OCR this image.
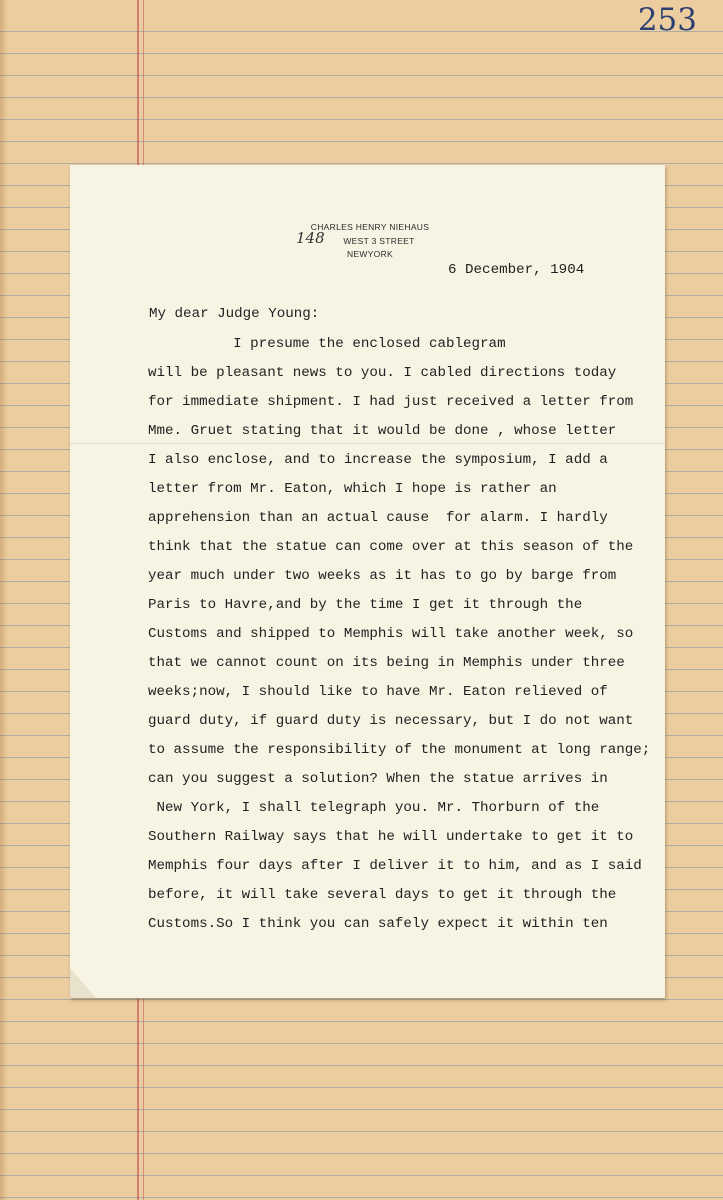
253
CHARLES HENRY NIEHAUS
WEST 3 STREET
NEWYORK
148
6 December, 1904
My dear Judge Young:
I presume the enclosed cablegram
will be pleasant news to you. I cabled directions today
for immediate shipment. I had just received a letter from
Mme. Gruet stating that it would be done , whose letter
I also enclose, and to increase the symposium, I add a
letter from Mr. Eaton, which I hope is rather an
apprehension than an actual cause  for alarm. I hardly
think that the statue can come over at this season of the
year much under two weeks as it has to go by barge from
Paris to Havre,and by the time I get it through the
Customs and shipped to Memphis will take another week, so
that we cannot count on its being in Memphis under three
weeks;now, I should like to have Mr. Eaton relieved of
guard duty, if guard duty is necessary, but I do not want
to assume the responsibility of the monument at long range;
can you suggest a solution? When the statue arrives in
New York, I shall telegraph you. Mr. Thorburn of the
Southern Railway says that he will undertake to get it to
Memphis four days after I deliver it to him, and as I said
before, it will take several days to get it through the
Customs.So I think you can safely expect it within ten
